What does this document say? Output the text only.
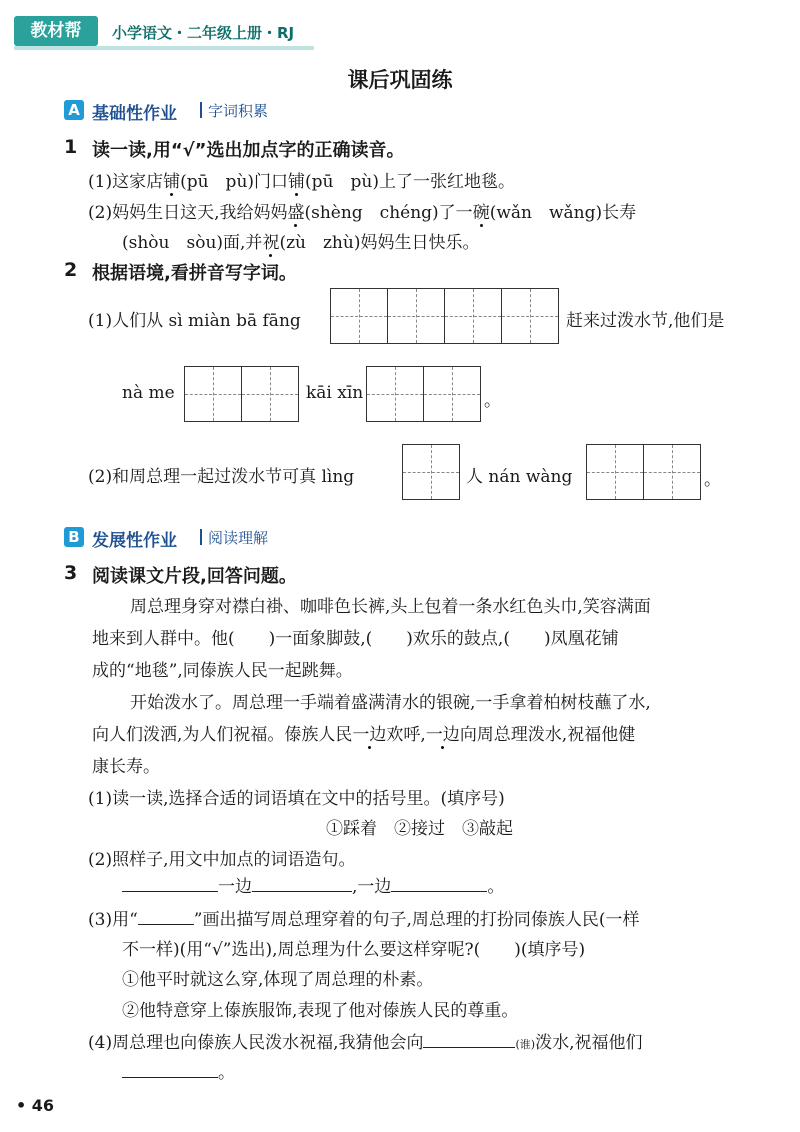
教材帮	小学语文・二年级上册・RJ
课后巩固练
A 基础性作业 字词积累
1 读一读,用“√”选出加点字的正确读音。
(1)这家店铺(pū　pù)门口铺(pū　pù)上了一张红地毯。
(2)妈妈生日这天,我给妈妈盛(shèng　chéng)了一碗(wǎn　wǎng)长寿
(shòu　sòu)面,并祝(zù　zhù)妈妈生日快乐。
2 根据语境,看拼音写字词。
(1)人们从 sì miàn bā fāng	赶来过泼水节,他们是
nà me	kāi xīn	。
(2)和周总理一起过泼水节可真 lìng	人 nán wàng	。
B 发展性作业 阅读理解
3 阅读课文片段,回答问题。
周总理身穿对襟白褂、咖啡色长裤,头上包着一条水红色头巾,笑容满面
地来到人群中。他(　　)一面象脚鼓,(　　)欢乐的鼓点,(　　)凤凰花铺
成的“地毯”,同傣族人民一起跳舞。
开始泼水了。周总理一手端着盛满清水的银碗,一手拿着柏树枝蘸了水,
向人们泼洒,为人们祝福。傣族人民一边欢呼,一边向周总理泼水,祝福他健
康长寿。
(1)读一读,选择合适的词语填在文中的括号里。(填序号)
①踩着　②接过　③敲起
(2)照样子,用文中加点的词语造句。
一边	,一边	。
(3)用“	”画出描写周总理穿着的句子,周总理的打扮同傣族人民(一样
不一样)(用“√”选出),周总理为什么要这样穿呢?(　　)(填序号)
①他平时就这么穿,体现了周总理的朴素。
②他特意穿上傣族服饰,表现了他对傣族人民的尊重。
(4)周总理也向傣族人民泼水祝福,我猜他会向	(谁)泼水,祝福他们
。
• 46
